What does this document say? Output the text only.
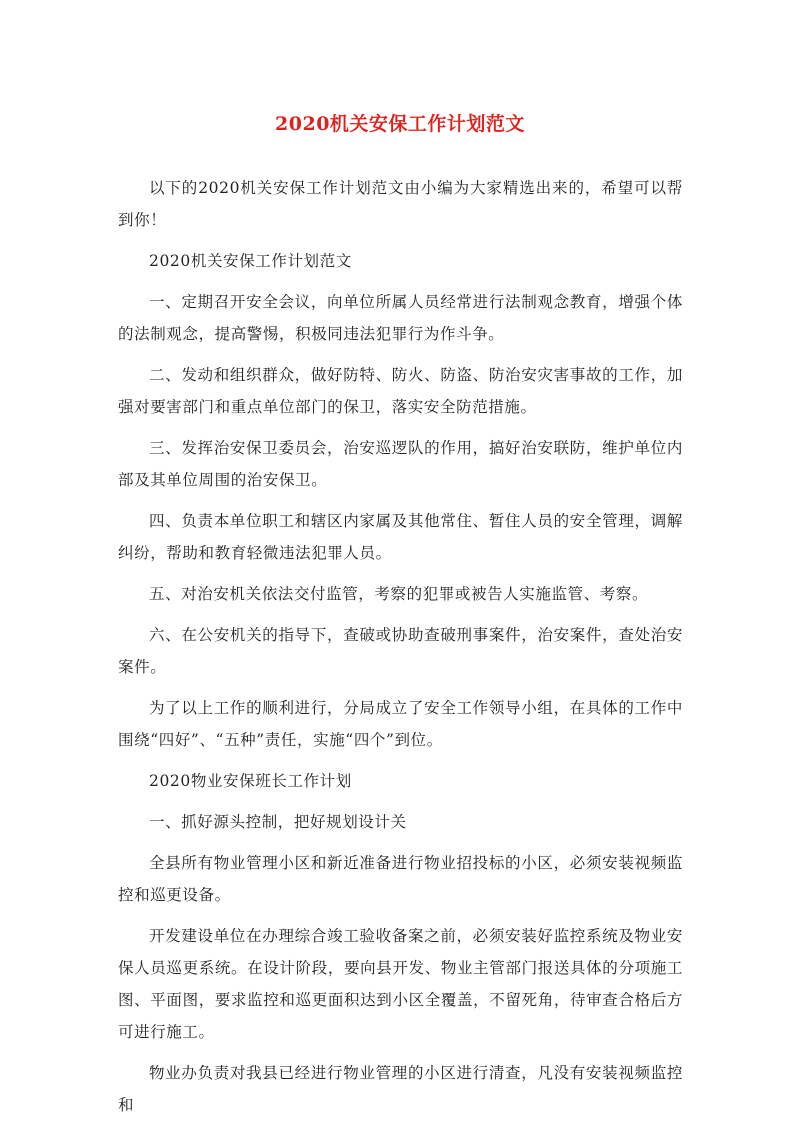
2020机关安保工作计划范文

以下的2020机关安保工作计划范文由小编为大家精选出来的，希望可以帮到你！

2020机关安保工作计划范文

一、定期召开安全会议，向单位所属人员经常进行法制观念教育，增强个体的法制观念，提高警惕，积极同违法犯罪行为作斗争。

二、发动和组织群众，做好防特、防火、防盗、防治安灾害事故的工作，加强对要害部门和重点单位部门的保卫，落实安全防范措施。

三、发挥治安保卫委员会，治安巡逻队的作用，搞好治安联防，维护单位内部及其单位周围的治安保卫。

四、负责本单位职工和辖区内家属及其他常住、暂住人员的安全管理，调解纠纷，帮助和教育轻微违法犯罪人员。

五、对治安机关依法交付监管，考察的犯罪或被告人实施监管、考察。

六、在公安机关的指导下，查破或协助查破刑事案件，治安案件，查处治安案件。

为了以上工作的顺利进行，分局成立了安全工作领导小组，在具体的工作中围绕“四好”、“五种”责任，实施“四个”到位。

2020物业安保班长工作计划

一、抓好源头控制，把好规划设计关

全县所有物业管理小区和新近准备进行物业招投标的小区，必须安装视频监控和巡更设备。

开发建设单位在办理综合竣工验收备案之前，必须安装好监控系统及物业安保人员巡更系统。在设计阶段，要向县开发、物业主管部门报送具体的分项施工图、平面图，要求监控和巡更面积达到小区全覆盖，不留死角，待审查合格后方可进行施工。

物业办负责对我县已经进行物业管理的小区进行清查，凡没有安装视频监控和
